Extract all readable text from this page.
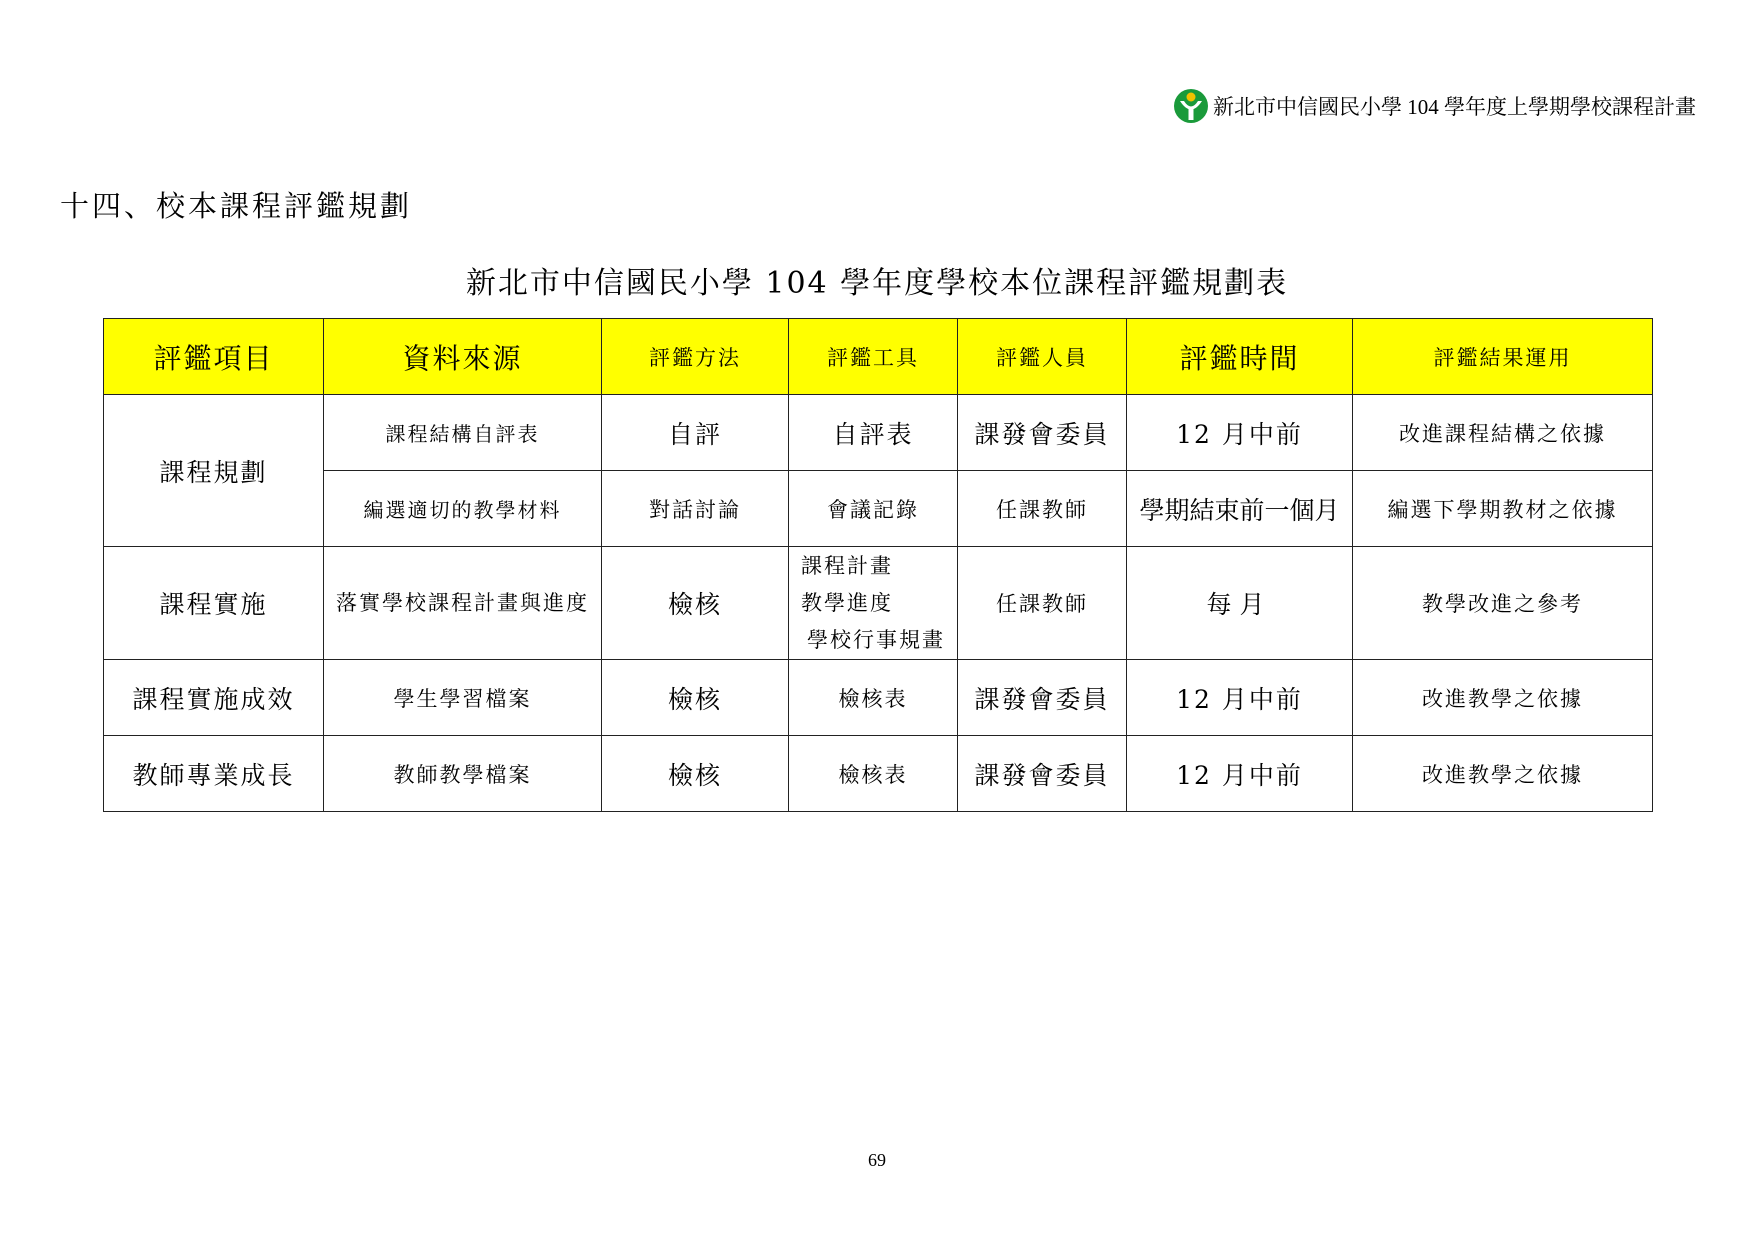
新北市中信國民小學 104 學年度上學期學校課程計畫
十四、校本課程評鑑規劃
新北市中信國民小學 104 學年度學校本位課程評鑑規劃表
評鑑項目	資料來源	評鑑方法	評鑑工具	評鑑人員	評鑑時間	評鑑結果運用
課程規劃	課程結構自評表	自評	自評表	課發會委員	12 月中前	改進課程結構之依據
	編選適切的教學材料	對話討論	會議記錄	任課教師	學期結束前一個月	編選下學期教材之依據
課程實施	落實學校課程計畫與進度	檢核	課程計畫
教學進度
學校行事規畫	任課教師	每月	教學改進之參考
課程實施成效	學生學習檔案	檢核	檢核表	課發會委員	12 月中前	改進教學之依據
教師專業成長	教師教學檔案	檢核	檢核表	課發會委員	12 月中前	改進教學之依據
69
